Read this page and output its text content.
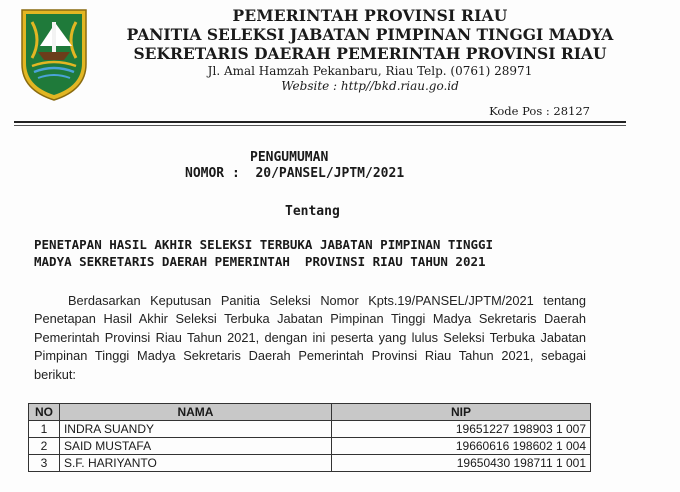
PEMERINTAH PROVINSI RIAU
PANITIA SELEKSI JABATAN PIMPINAN TINGGI MADYA
SEKRETARIS DAERAH PEMERINTAH PROVINSI RIAU
Jl. Amal Hamzah Pekanbaru, Riau Telp. (0761) 28971
Website : http//bkd.riau.go.id
Kode Pos : 28127
PENGUMUMAN
NOMOR :  20/PANSEL/JPTM/2021
Tentang
PENETAPAN HASIL AKHIR SELEKSI TERBUKA JABATAN PIMPINAN TINGGI
MADYA SEKRETARIS DAERAH PEMERINTAH  PROVINSI RIAU TAHUN 2021
Berdasarkan Keputusan Panitia Seleksi Nomor Kpts.19/PANSEL/JPTM/2021 tentang Penetapan Hasil Akhir Seleksi Terbuka Jabatan Pimpinan Tinggi Madya Sekretaris Daerah Pemerintah Provinsi Riau Tahun 2021, dengan ini peserta yang lulus Seleksi Terbuka Jabatan Pimpinan Tinggi Madya Sekretaris Daerah Pemerintah Provinsi Riau Tahun 2021, sebagai berikut:
NO	NAMA	NIP
1	INDRA SUANDY	19651227 198903 1 007
2	SAID MUSTAFA	19660616 198602 1 004
3	S.F. HARIYANTO	19650430 198711 1 001
